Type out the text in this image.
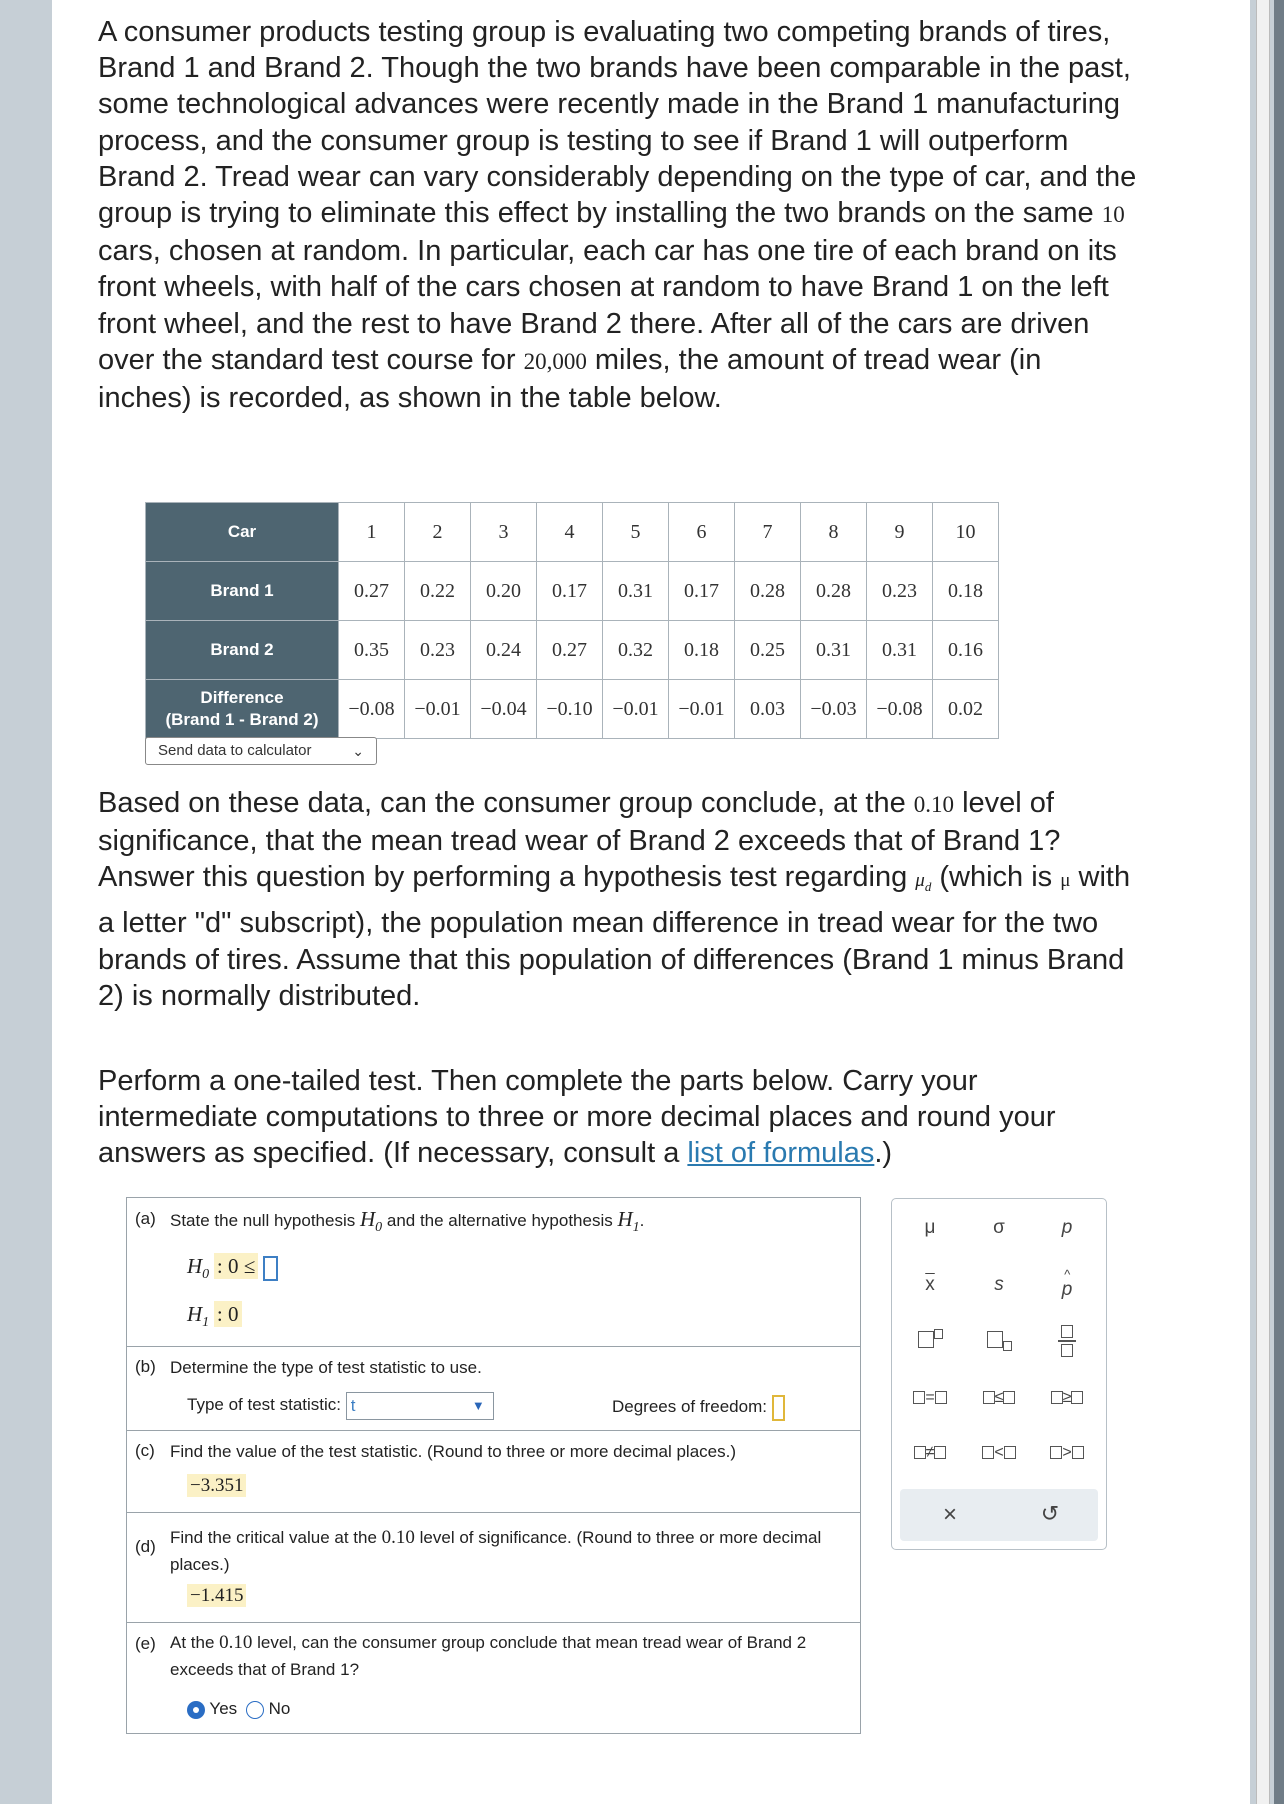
A consumer products testing group is evaluating two competing brands of tires, Brand 1 and Brand 2. Though the two brands have been comparable in the past, some technological advances were recently made in the Brand 1 manufacturing process, and the consumer group is testing to see if Brand 1 will outperform Brand 2. Tread wear can vary considerably depending on the type of car, and the group is trying to eliminate this effect by installing the two brands on the same 10 cars, chosen at random. In particular, each car has one tire of each brand on its front wheels, with half of the cars chosen at random to have Brand 1 on the left front wheel, and the rest to have Brand 2 there. After all of the cars are driven over the standard test course for 20,000 miles, the amount of tread wear (in inches) is recorded, as shown in the table below.
Car	1	2	3	4	5	6	7	8	9	10
Brand 1	0.27	0.22	0.20	0.17	0.31	0.17	0.28	0.28	0.23	0.18
Brand 2	0.35	0.23	0.24	0.27	0.32	0.18	0.25	0.31	0.31	0.16
Difference
(Brand 1 - Brand 2)	−0.08	−0.01	−0.04	−0.10	−0.01	−0.01	0.03	−0.03	−0.08	0.02
Send data to calculator	⌄
Based on these data, can the consumer group conclude, at the 0.10 level of significance, that the mean tread wear of Brand 2 exceeds that of Brand 1? Answer this question by performing a hypothesis test regarding $\mu_d$ (which is μ with a letter "d" subscript), the population mean difference in tread wear for the two brands of tires. Assume that this population of differences (Brand 1 minus Brand 2) is normally distributed.
Perform a one-tailed test. Then complete the parts below. Carry your intermediate computations to three or more decimal places and round your answers as specified. (If necessary, consult a list of formulas.)
(a) State the null hypothesis $H_0$ and the alternative hypothesis $H_1$.
$H_0$ : 0 ≤
$H_1$ : 0
(b) Determine the type of test statistic to use.
Type of test statistic: t	▼	Degrees of freedom:
(c) Find the value of the test statistic. (Round to three or more decimal places.)
−3.351
(d) Find the critical value at the 0.10 level of significance. (Round to three or more decimal places.)
−1.415
(e) At the 0.10 level, can the consumer group conclude that mean tread wear of Brand 2 exceeds that of Brand 1?
Yes No
μ	σ	p
$\overline{x}$	s	^
p
=	≤	≥
≠	<	>
×	↺
